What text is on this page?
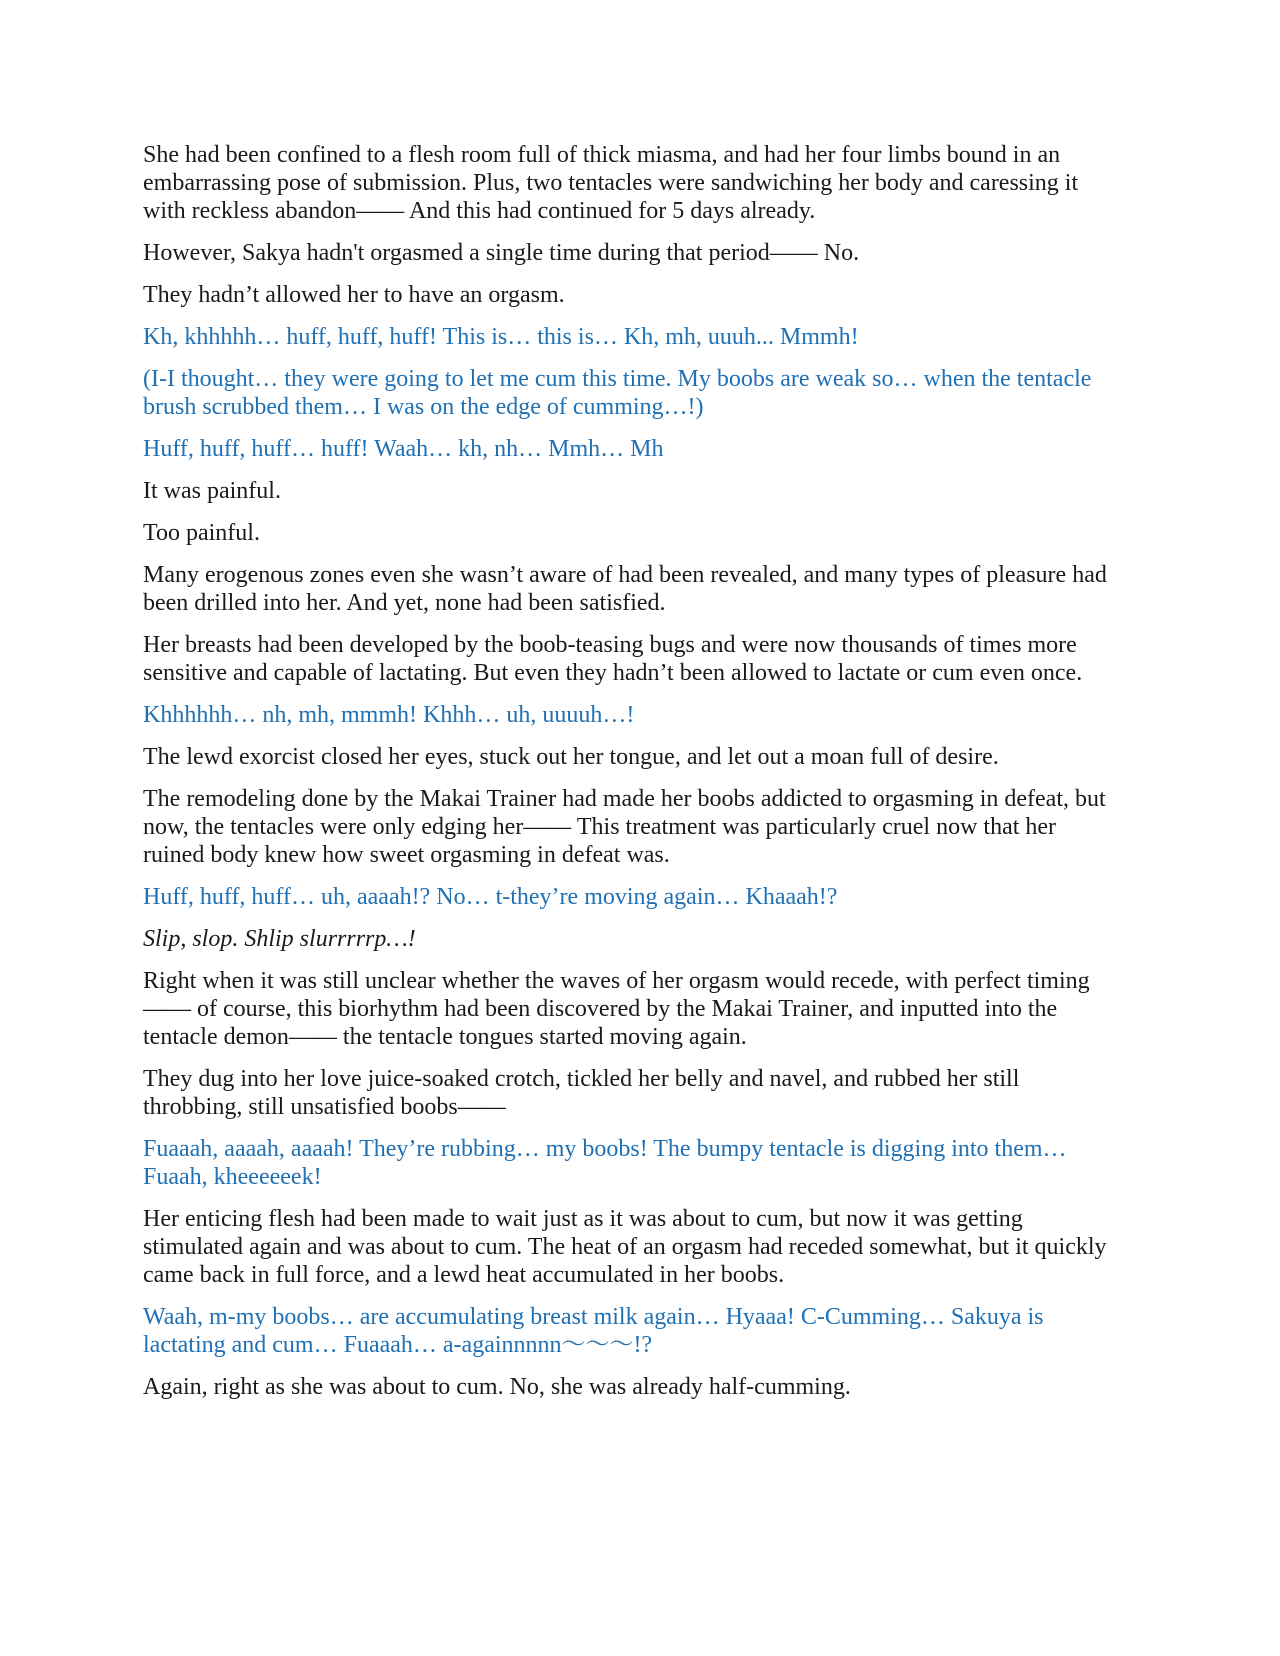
She had been confined to a flesh room full of thick miasma, and had her four limbs bound in an embarrassing pose of submission. Plus, two tentacles were sandwiching her body and caressing it with reckless abandon—— And this had continued for 5 days already.

However, Sakya hadn't orgasmed a single time during that period—— No.

They hadn’t allowed her to have an orgasm.

Kh, khhhhh… huff, huff, huff! This is… this is… Kh, mh, uuuh... Mmmh!

(I-I thought… they were going to let me cum this time. My boobs are weak so… when the tentacle brush scrubbed them… I was on the edge of cumming…!)

Huff, huff, huff… huff! Waah… kh, nh… Mmh… Mh

It was painful.

Too painful.

Many erogenous zones even she wasn’t aware of had been revealed, and many types of pleasure had been drilled into her. And yet, none had been satisfied.

Her breasts had been developed by the boob-teasing bugs and were now thousands of times more sensitive and capable of lactating. But even they hadn’t been allowed to lactate or cum even once.

Khhhhhh… nh, mh, mmmh! Khhh… uh, uuuuh…!

The lewd exorcist closed her eyes, stuck out her tongue, and let out a moan full of desire.

The remodeling done by the Makai Trainer had made her boobs addicted to orgasming in defeat, but now, the tentacles were only edging her—— This treatment was particularly cruel now that her ruined body knew how sweet orgasming in defeat was.

Huff, huff, huff… uh, aaaah!? No… t-they’re moving again… Khaaah!?

Slip, slop. Shlip slurrrrrp…!

Right when it was still unclear whether the waves of her orgasm would recede, with perfect timing—— of course, this biorhythm had been discovered by the Makai Trainer, and inputted into the tentacle demon—— the tentacle tongues started moving again.

They dug into her love juice-soaked crotch, tickled her belly and navel, and rubbed her still throbbing, still unsatisfied boobs——

Fuaaah, aaaah, aaaah! They’re rubbing… my boobs! The bumpy tentacle is digging into them… Fuaah, kheeeeeek!

Her enticing flesh had been made to wait just as it was about to cum, but now it was getting stimulated again and was about to cum. The heat of an orgasm had receded somewhat, but it quickly came back in full force, and a lewd heat accumulated in her boobs.

Waah, m-my boobs… are accumulating breast milk again… Hyaaa! C-Cumming… Sakuya is lactating and cum… Fuaaah… a-againnnnn～～～!?

Again, right as she was about to cum. No, she was already half-cumming.
